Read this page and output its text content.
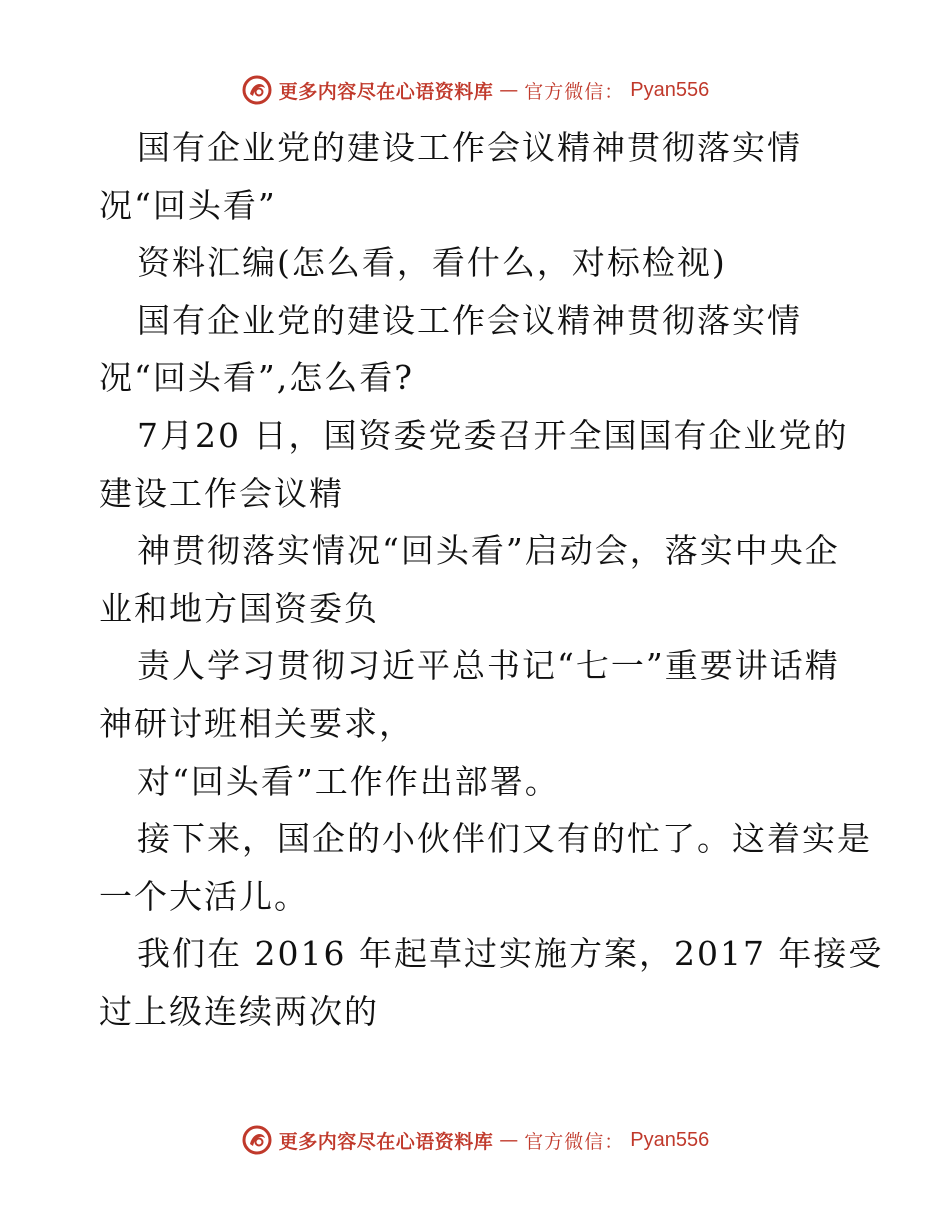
更多内容尽在心语资料库 — 官方微信： Pyan556
国有企业党的建设工作会议精神贯彻落实情
况“回头看”
资料汇编(怎么看，看什么，对标检视)
国有企业党的建设工作会议精神贯彻落实情
况“回头看”,怎么看?
7月20 日，国资委党委召开全国国有企业党的
建设工作会议精
神贯彻落实情况“回头看”启动会，落实中央企
业和地方国资委负
责人学习贯彻习近平总书记“七一”重要讲话精
神研讨班相关要求，
对“回头看”工作作出部署。
接下来，国企的小伙伴们又有的忙了。这着实是
一个大活儿。
我们在 2016 年起草过实施方案，2017 年接受
过上级连续两次的
更多内容尽在心语资料库 — 官方微信： Pyan556
